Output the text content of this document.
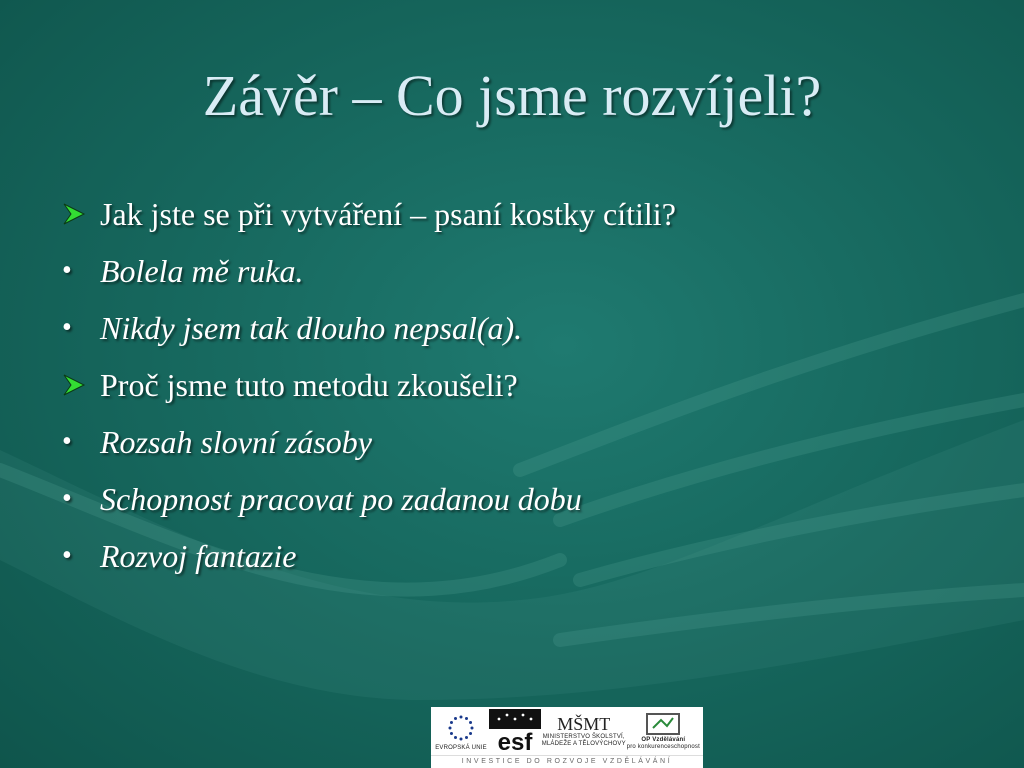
Závěr – Co jsme rozvíjeli?
Jak jste se při vytváření – psaní kostky cítili?
• Bolela mě ruka.
• Nikdy jsem tak dlouho nepsal(a).
Proč jsme tuto metodu zkoušeli?
• Rozsah slovní zásoby
• Schopnost pracovat po zadanou dobu
• Rozvoj fantazie
EVROPSKÁ UNIE esf
MŠMT
MINISTERSTVO ŠKOLSTVÍ,
MLÁDEŽE A TĚLOVÝCHOVY
OP Vzdělávání
pro konkurenceschopnost
INVESTICE DO ROZVOJE VZDĚLÁVÁNÍ
